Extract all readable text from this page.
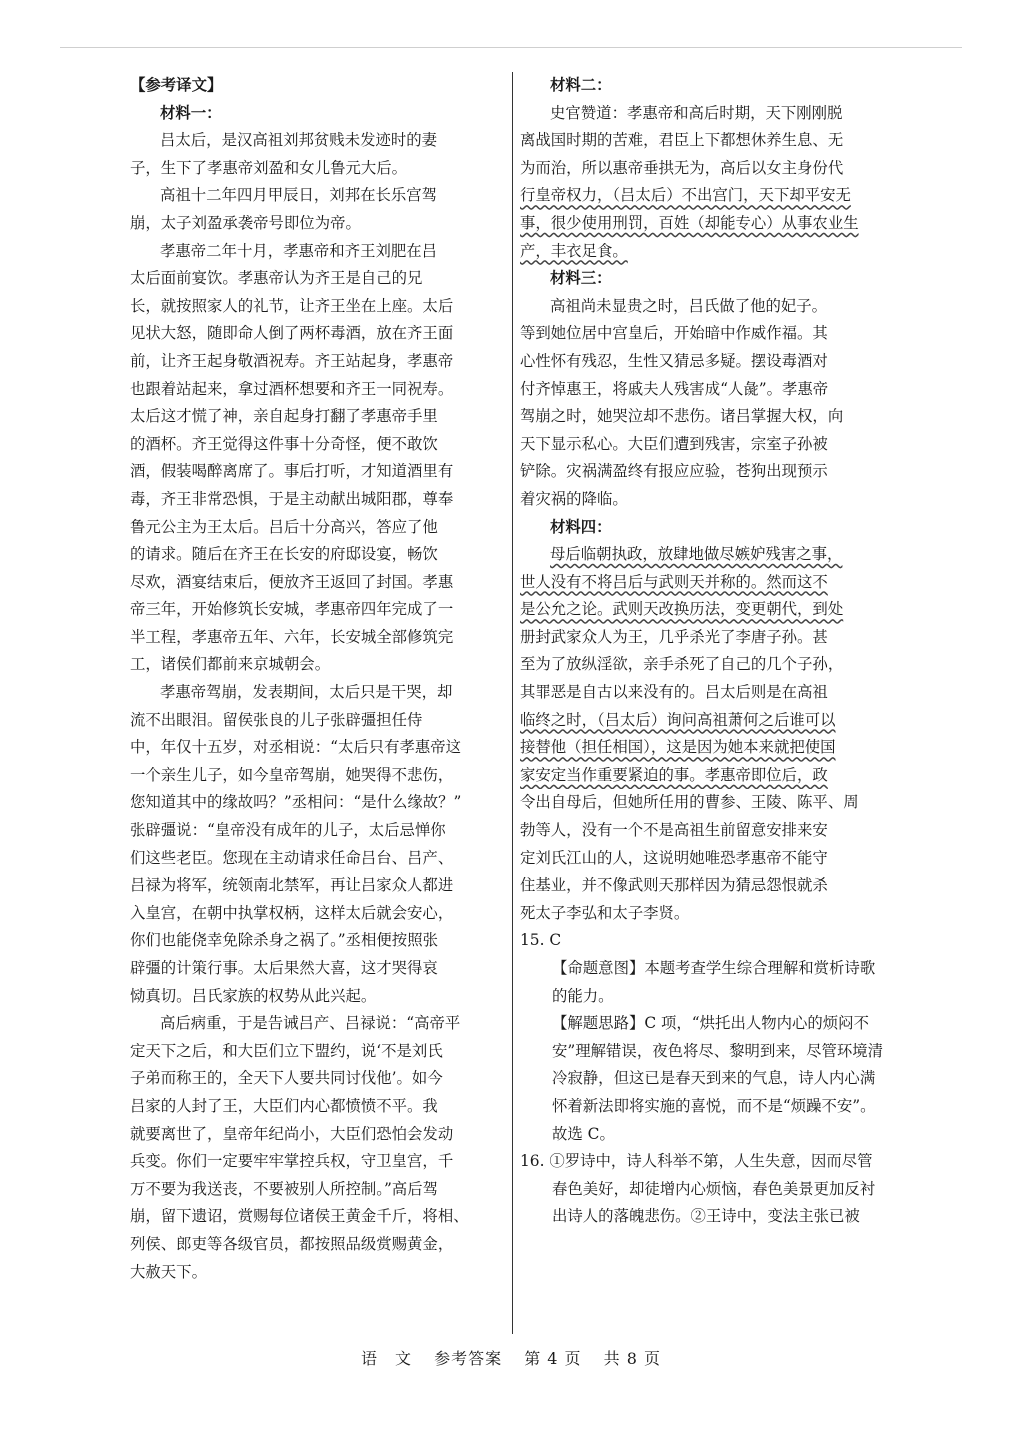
【参考译文】
材料一：
吕太后，是汉高祖刘邦贫贱未发迹时的妻
子，生下了孝惠帝刘盈和女儿鲁元大后。
高祖十二年四月甲辰日，刘邦在长乐宫驾
崩，太子刘盈承袭帝号即位为帝。
孝惠帝二年十月，孝惠帝和齐王刘肥在吕
太后面前宴饮。孝惠帝认为齐王是自己的兄
长，就按照家人的礼节，让齐王坐在上座。太后
见状大怒，随即命人倒了两杯毒酒，放在齐王面
前，让齐王起身敬酒祝寿。齐王站起身，孝惠帝
也跟着站起来，拿过酒杯想要和齐王一同祝寿。
太后这才慌了神，亲自起身打翻了孝惠帝手里
的酒杯。齐王觉得这件事十分奇怪，便不敢饮
酒，假装喝醉离席了。事后打听，才知道酒里有
毒，齐王非常恐惧，于是主动献出城阳郡，尊奉
鲁元公主为王太后。吕后十分高兴，答应了他
的请求。随后在齐王在长安的府邸设宴，畅饮
尽欢，酒宴结束后，便放齐王返回了封国。孝惠
帝三年，开始修筑长安城，孝惠帝四年完成了一
半工程，孝惠帝五年、六年，长安城全部修筑完
工，诸侯们都前来京城朝会。
孝惠帝驾崩，发表期间，太后只是干哭，却
流不出眼泪。留侯张良的儿子张辟彊担任侍
中，年仅十五岁，对丞相说：“太后只有孝惠帝这
一个亲生儿子，如今皇帝驾崩，她哭得不悲伤，
您知道其中的缘故吗？”丞相问：“是什么缘故？”
张辟彊说：“皇帝没有成年的儿子，太后忌惮你
们这些老臣。您现在主动请求任命吕台、吕产、
吕禄为将军，统领南北禁军，再让吕家众人都进
入皇宫，在朝中执掌权柄，这样太后就会安心，
你们也能侥幸免除杀身之祸了。”丞相便按照张
辟彊的计策行事。太后果然大喜，这才哭得哀
恸真切。吕氏家族的权势从此兴起。
高后病重，于是告诫吕产、吕禄说：“高帝平
定天下之后，和大臣们立下盟约，说‘不是刘氏
子弟而称王的，全天下人要共同讨伐他’。如今
吕家的人封了王，大臣们内心都愤愤不平。我
就要离世了，皇帝年纪尚小，大臣们恐怕会发动
兵变。你们一定要牢牢掌控兵权，守卫皇宫，千
万不要为我送丧，不要被别人所控制。”高后驾
崩，留下遗诏，赏赐每位诸侯王黄金千斤，将相、
列侯、郎吏等各级官员，都按照品级赏赐黄金，
大赦天下。
材料二：
史官赞道：孝惠帝和高后时期，天下刚刚脱
离战国时期的苦难，君臣上下都想休养生息、无
为而治，所以惠帝垂拱无为，高后以女主身份代
行皇帝权力，（吕太后）不出宫门，天下却平安无
事，很少使用刑罚，百姓（却能专心）从事农业生
产，丰衣足食。
材料三：
高祖尚未显贵之时，吕氏做了他的妃子。
等到她位居中宫皇后，开始暗中作威作福。其
心性怀有残忍，生性又猜忌多疑。摆设毒酒对
付齐悼惠王，将戚夫人残害成“人彘”。孝惠帝
驾崩之时，她哭泣却不悲伤。诸吕掌握大权，向
天下显示私心。大臣们遭到残害，宗室子孙被
铲除。灾祸满盈终有报应应验，苍狗出现预示
着灾祸的降临。
材料四：
母后临朝执政，放肆地做尽嫉妒残害之事，
世人没有不将吕后与武则天并称的。然而这不
是公允之论。武则天改换历法，变更朝代，到处
册封武家众人为王，几乎杀光了李唐子孙。甚
至为了放纵淫欲，亲手杀死了自己的几个子孙，
其罪恶是自古以来没有的。吕太后则是在高祖
临终之时，（吕太后）询问高祖萧何之后谁可以
接替他（担任相国），这是因为她本来就把使国
家安定当作重要紧迫的事。孝惠帝即位后，政
令出自母后，但她所任用的曹参、王陵、陈平、周
勃等人，没有一个不是高祖生前留意安排来安
定刘氏江山的人，这说明她唯恐孝惠帝不能守
住基业，并不像武则天那样因为猜忌怨恨就杀
死太子李弘和太子李贤。
15. C
【命题意图】本题考查学生综合理解和赏析诗歌
的能力。
【解题思路】C 项，“烘托出人物内心的烦闷不
安”理解错误，夜色将尽、黎明到来，尽管环境清
冷寂静，但这已是春天到来的气息，诗人内心满
怀着新法即将实施的喜悦，而不是“烦躁不安”。
故选 C。
16. ①罗诗中，诗人科举不第，人生失意，因而尽管
春色美好，却徒增内心烦恼，春色美景更加反衬
出诗人的落魄悲伤。②王诗中，变法主张已被
语　文 参考答案 第 4 页 共 8 页
